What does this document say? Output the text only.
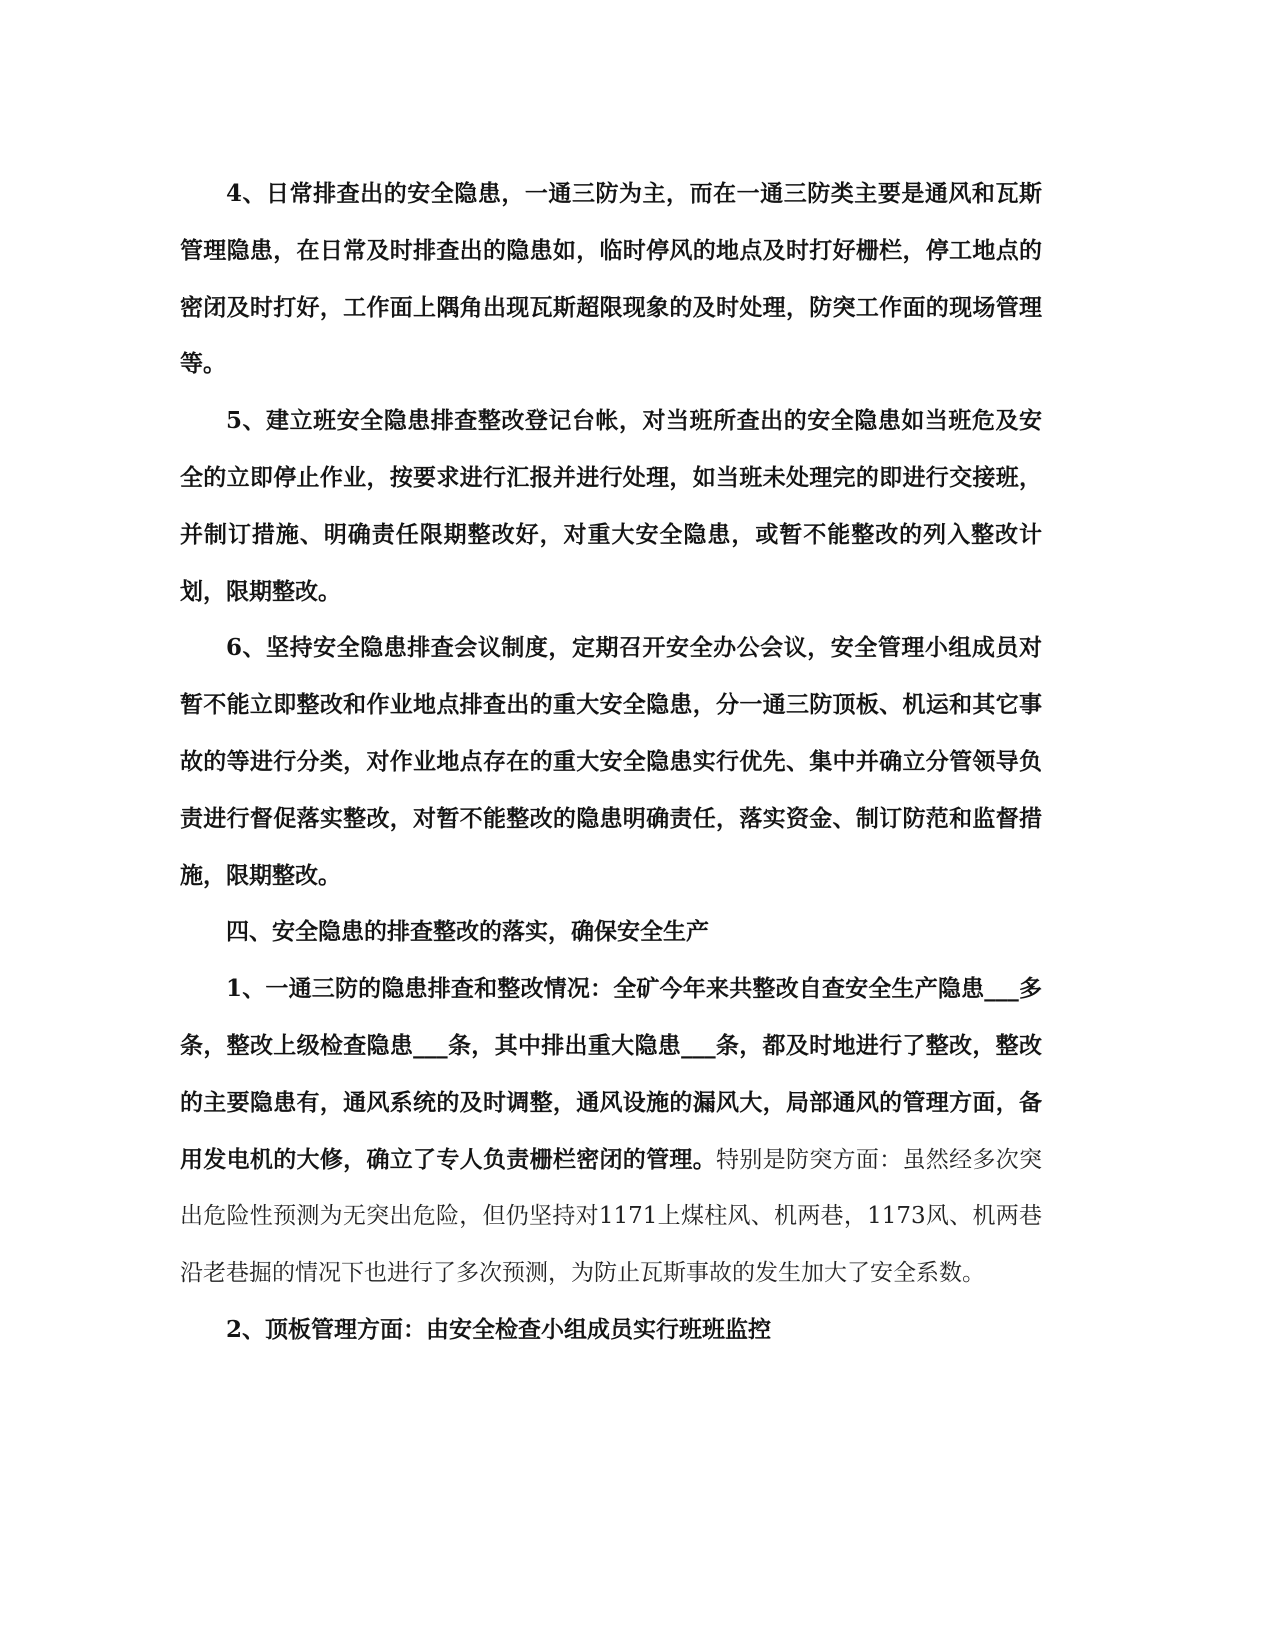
4、日常排查出的安全隐患，一通三防为主，而在一通三防类主要是通风和瓦斯管理隐患，在日常及时排查出的隐患如，临时停风的地点及时打好栅栏，停工地点的密闭及时打好，工作面上隅角出现瓦斯超限现象的及时处理，防突工作面的现场管理等。

5、建立班安全隐患排查整改登记台帐，对当班所查出的安全隐患如当班危及安全的立即停止作业，按要求进行汇报并进行处理，如当班未处理完的即进行交接班，并制订措施、明确责任限期整改好，对重大安全隐患，或暂不能整改的列入整改计划，限期整改。

6、坚持安全隐患排查会议制度，定期召开安全办公会议，安全管理小组成员对暂不能立即整改和作业地点排查出的重大安全隐患，分一通三防顶板、机运和其它事故的等进行分类，对作业地点存在的重大安全隐患实行优先、集中并确立分管领导负责进行督促落实整改，对暂不能整改的隐患明确责任，落实资金、制订防范和监督措施，限期整改。

四、安全隐患的排查整改的落实，确保安全生产

1、一通三防的隐患排查和整改情况：全矿今年来共整改自查安全生产隐患___多条，整改上级检查隐患___条，其中排出重大隐患___条，都及时地进行了整改，整改的主要隐患有，通风系统的及时调整，通风设施的漏风大，局部通风的管理方面，备用发电机的大修，确立了专人负责栅栏密闭的管理。特别是防突方面：虽然经多次突出危险性预测为无突出危险，但仍坚持对1171上煤柱风、机两巷，1173风、机两巷沿老巷掘的情况下也进行了多次预测，为防止瓦斯事故的发生加大了安全系数。

2、顶板管理方面：由安全检查小组成员实行班班监控
